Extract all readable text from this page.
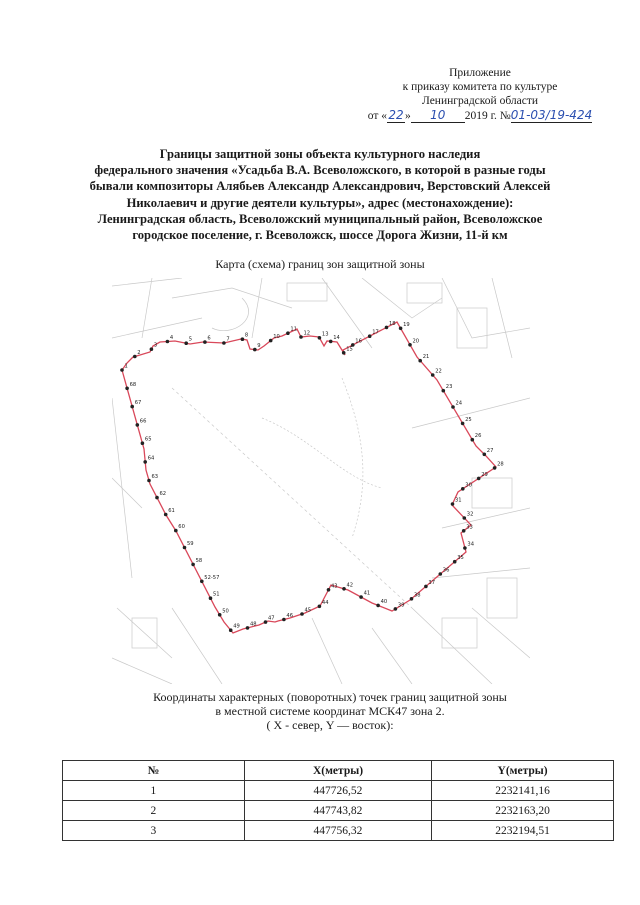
Приложение
к приказу комитета по культуре
Ленинградской области
от «22» 10 2019 г. №01-03/19-424
Границы защитной зоны объекта культурного наследия
федерального значения «Усадьба В.А. Всеволожского, в которой в разные годы
бывали композиторы Алябьев Александр Александрович, Верстовский Алексей
Николаевич и другие деятели культуры», адрес (местонахождение):
Ленинградская область, Всеволожский муниципальный район, Всеволожское
городское поселение, г. Всеволожск, шоссе Дорога Жизни, 11-й км
Карта (схема) границ зон защитной зоны
1
2
3
4	5	6	7
8
9
10
11
12 13
14
15
16
17
18 19
20
21
22
23
24
25
26
27
28
29
30
31
32
33
34
35
36
37
38
39
40
41
42
43
44
45
46
47
48
49
50
51
52-57
58
59
60
61
62
63
64
65
66
67
68
Координаты характерных (поворотных) точек границ защитной зоны
в местной системе координат МСК47 зона 2.
( X - север, Y — восток):
№	X(метры)	Y(метры)
1	447726,52	2232141,16
2	447743,82	2232163,20
3	447756,32	2232194,51
